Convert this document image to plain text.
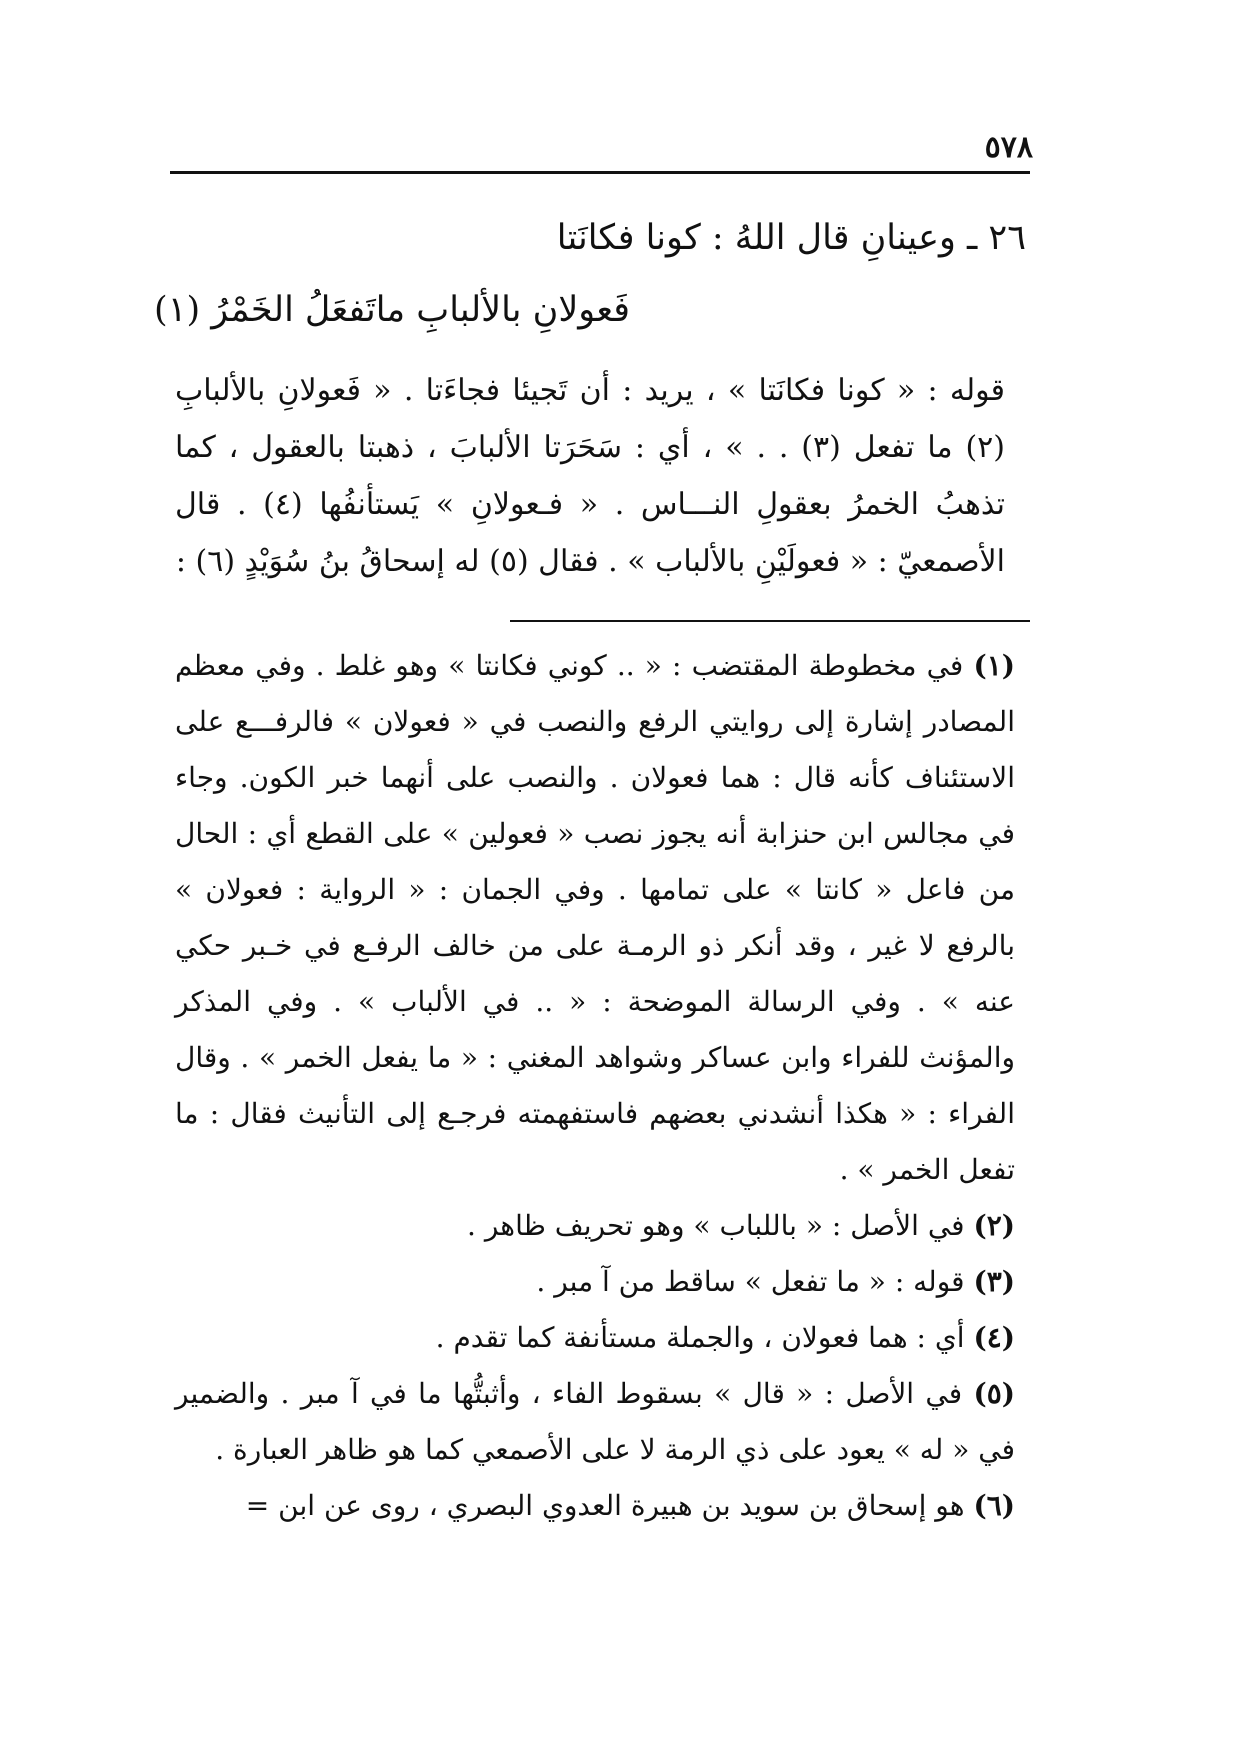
٥٧٨
٢٦ ـ وعينانِ قال اللهُ : كونا فكانَتا
فَعولانِ بالألبابِ ماتَفعَلُ الخَمْرُ (١)

قوله : « كونا فكانَتا » ، يريد : أن تَجيئا فجاءَتا . « فَعولانِ بالألبابِ (٢) ما تفعل (٣) . . » ، أي : سَحَرَتا الألبابَ ، ذهبتا بالعقول ، كما تذهبُ الخمرُ بعقولِ النـــاس . « فـعولانِ » يَستأنفُها (٤) . قال الأصمعيّ : « فعولَيْنِ بالألباب » . فقال (٥) له إسحاقُ بنُ سُوَيْدٍ (٦) :

(١) في مخطوطة المقتضب : « .. كوني فكانتا » وهو غلط . وفي معظم المصادر إشارة إلى روايتي الرفع والنصب في « فعولان » فالرفـــع على الاستئناف كأنه قال : هما فعولان . والنصب على أنهما خبر الكون. وجاء في مجالس ابن حنزابة أنه يجوز نصب « فعولين » على القطع أي : الحال من فاعل « كانتا » على تمامها . وفي الجمان : « الرواية : فعولان » بالرفع لا غير ، وقد أنكر ذو الرمـة على من خالف الرفـع في خـبر حكي عنه » . وفي الرسالة الموضحة : « .. في الألباب » . وفي المذكر والمؤنث للفراء وابن عساكر وشواهد المغني : « ما يفعل الخمر » . وقال الفراء : « هكذا أنشدني بعضهم فاستفهمته فرجـع إلى التأنيث فقال : ما تفعل الخمر » .

(٢) في الأصل : « باللباب » وهو تحريف ظاهر .

(٣) قوله : « ما تفعل » ساقط من آ مبر .

(٤) أي : هما فعولان ، والجملة مستأنفة كما تقدم .

(٥) في الأصل : « قال » بسقوط الفاء ، وأثبتُّها ما في آ مبر . والضمير في « له » يعود على ذي الرمة لا على الأصمعي كما هو ظاهر العبارة .

(٦) هو إسحاق بن سويد بن هبيرة العدوي البصري ، روى عن ابن =
